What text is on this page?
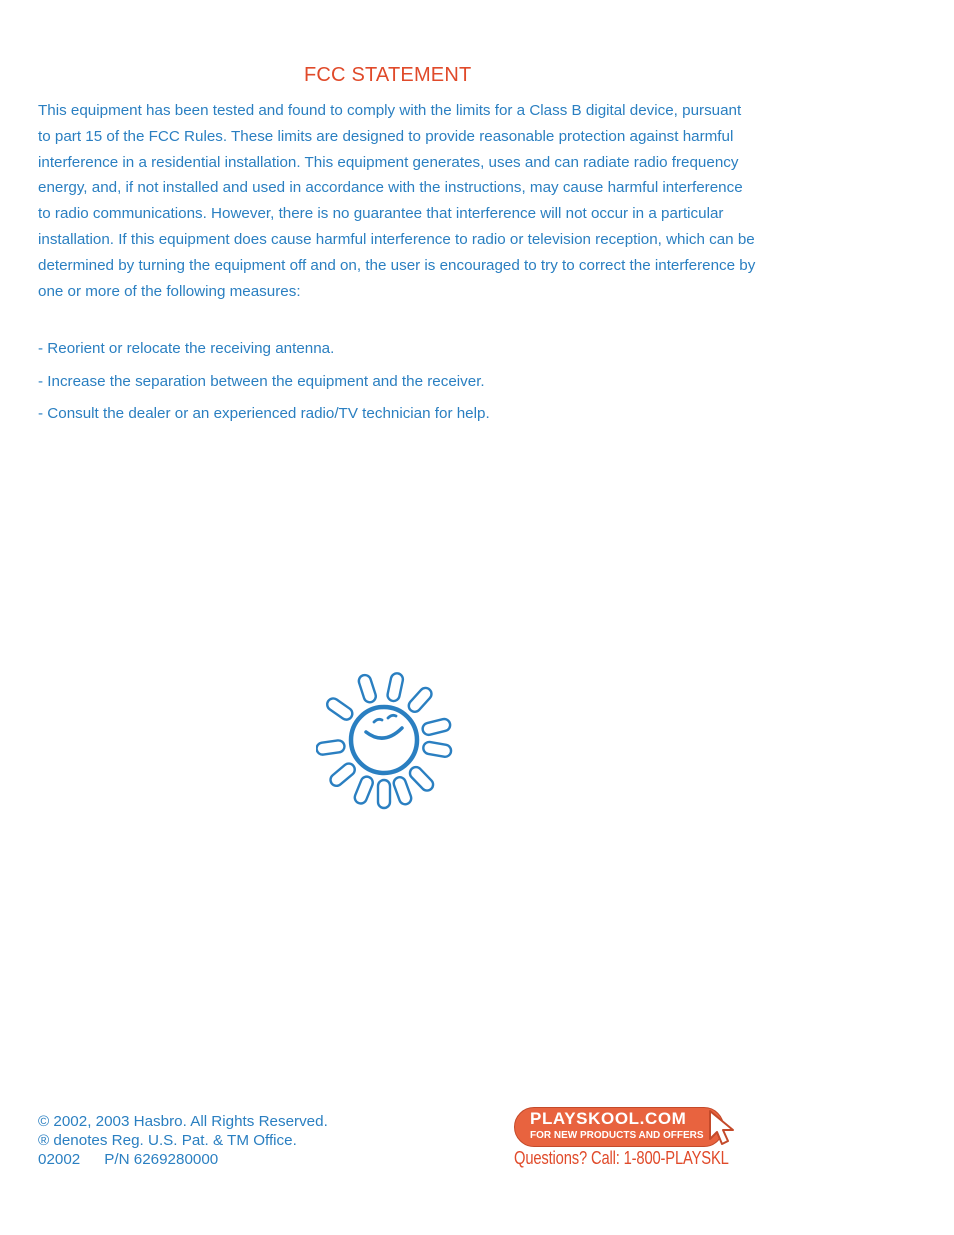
FCC STATEMENT

This equipment has been tested and found to comply with the limits for a Class B digital device, pursuant to part 15 of the FCC Rules. These limits are designed to provide reasonable protection against harmful interference in a residential installation. This equipment generates, uses and can radiate radio frequency energy, and, if not installed and used in accordance with the instructions, may cause harmful interference to radio communications. However, there is no guarantee that interference will not occur in a particular installation. If this equipment does cause harmful interference to radio or television reception, which can be determined by turning the equipment off and on, the user is encouraged to try to correct the interference by one or more of the following measures:

- Reorient or relocate the receiving antenna.
- Increase the separation between the equipment and the receiver.
- Consult the dealer or an experienced radio/TV technician for help.
© 2002, 2003 Hasbro. All Rights Reserved.
® denotes Reg. U.S. Pat. & TM Office.
02002 P/N 6269280000
PLAYSKOOL.COM
FOR NEW PRODUCTS AND OFFERS
Questions? Call: 1-800-PLAYSKL
